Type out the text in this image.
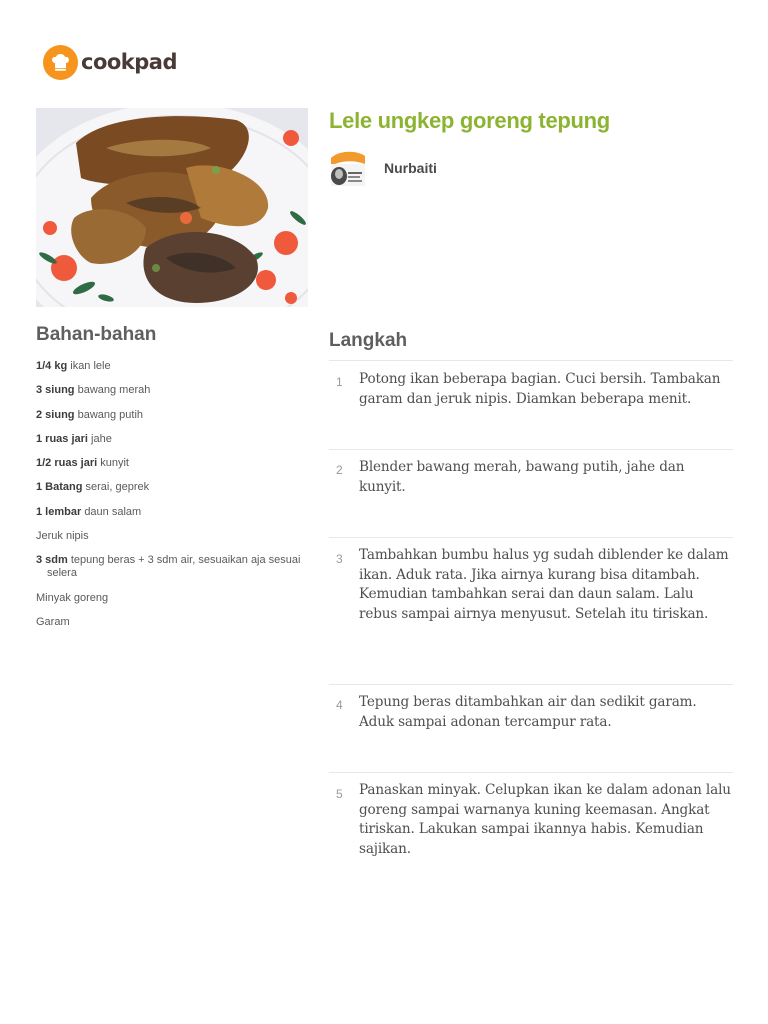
cookpad
Lele ungkep goreng tepung
Nurbaiti
Bahan-bahan
1/4 kg ikan lele
3 siung bawang merah
2 siung bawang putih
1 ruas jari jahe
1/2 ruas jari kunyit
1 Batang serai, geprek
1 lembar daun salam
Jeruk nipis
3 sdm tepung beras + 3 sdm air, sesuaikan aja sesuai selera
Minyak goreng
Garam
Langkah
1 Potong ikan beberapa bagian. Cuci bersih. Tambakan garam dan jeruk nipis. Diamkan beberapa menit.

2 Blender bawang merah, bawang putih, jahe dan kunyit.

3 Tambahkan bumbu halus yg sudah diblender ke dalam ikan. Aduk rata. Jika airnya kurang bisa ditambah. Kemudian tambahkan serai dan daun salam. Lalu rebus sampai airnya menyusut. Setelah itu tiriskan.

4 Tepung beras ditambahkan air dan sedikit garam. Aduk sampai adonan tercampur rata.

5 Panaskan minyak. Celupkan ikan ke dalam adonan lalu goreng sampai warnanya kuning keemasan. Angkat tiriskan. Lakukan sampai ikannya habis. Kemudian sajikan.
